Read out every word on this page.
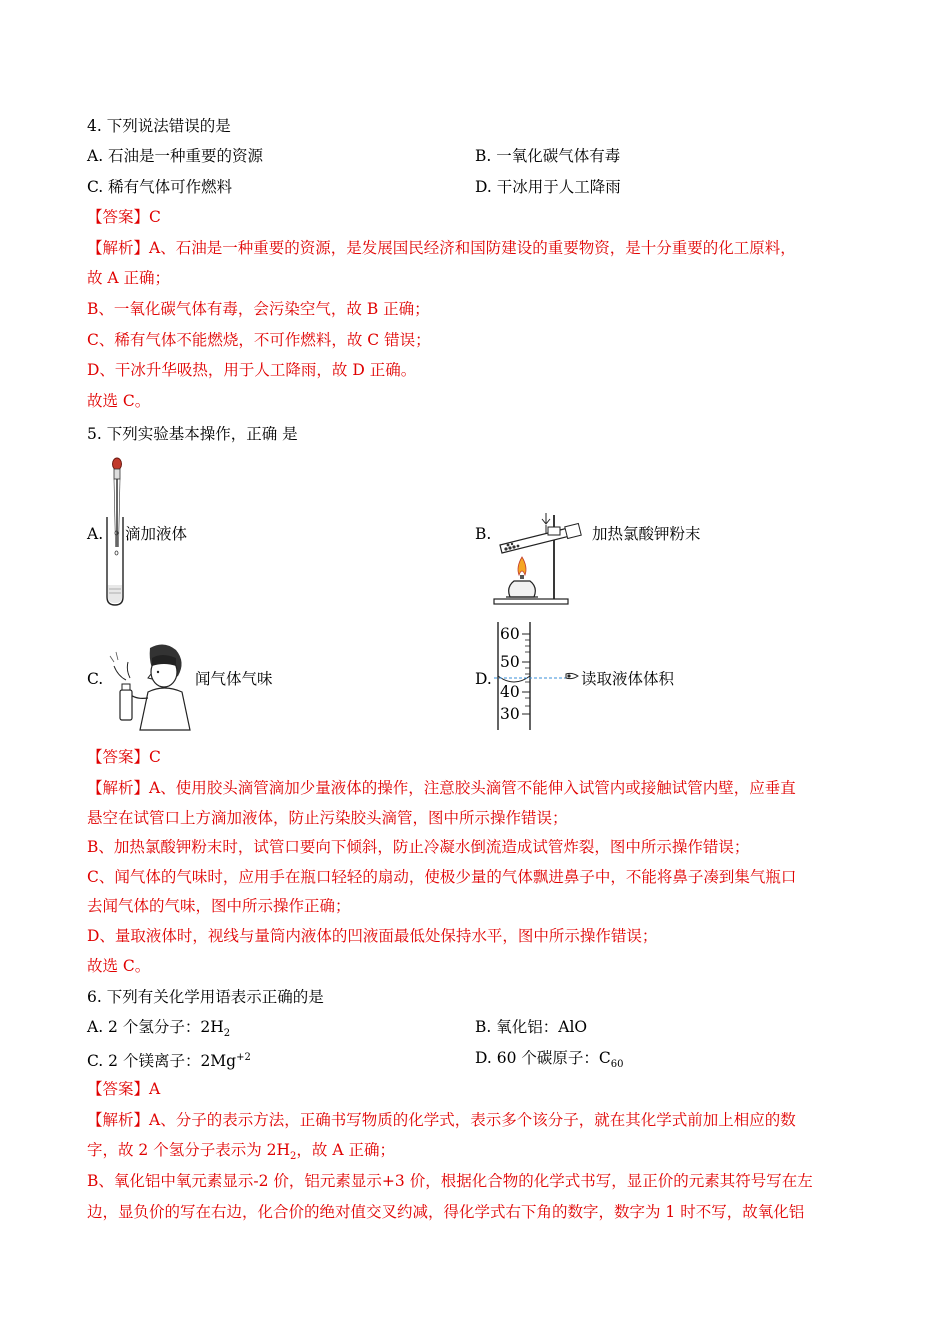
4. 下列说法错误的是
A. 石油是一种重要的资源	B. 一氧化碳气体有毒
C. 稀有气体可作燃料	D. 干冰用于人工降雨
【答案】C
【解析】A、石油是一种重要的资源，是发展国民经济和国防建设的重要物资，是十分重要的化工原料，
故 A 正确；
B、一氧化碳气体有毒，会污染空气，故 B 正确；
C、稀有气体不能燃烧，不可作燃料，故 C 错误；
D、干冰升华吸热，用于人工降雨，故 D 正确。
故选 C。
5. 下列实验基本操作，正确 是
A. 滴加液体	B.	加热氯酸钾粉末
C.	闻气体气味	D.
60
50
40
30
读取液体体积
【答案】C
【解析】A、使用胶头滴管滴加少量液体的操作，注意胶头滴管不能伸入试管内或接触试管内壁，应垂直
悬空在试管口上方滴加液体，防止污染胶头滴管，图中所示操作错误；
B、加热氯酸钾粉末时，试管口要向下倾斜，防止冷凝水倒流造成试管炸裂，图中所示操作错误；
C、闻气体的气味时，应用手在瓶口轻轻的扇动，使极少量的气体飘进鼻子中，不能将鼻子凑到集气瓶口
去闻气体的气味，图中所示操作正确；
D、量取液体时，视线与量筒内液体的凹液面最低处保持水平，图中所示操作错误；
故选 C。
6. 下列有关化学用语表示正确的是
A. 2 个氢分子：$2H_2$	B. 氧化铝：AlO
C. 2 个镁离子：$2Mg^{+2}$	D. 60 个碳原子：$C_{60}$
【答案】A
【解析】A、分子的表示方法，正确书写物质的化学式，表示多个该分子，就在其化学式前加上相应的数
字，故 2 个氢分子表示为 $2H_2$，故 A 正确；
B、氧化铝中氧元素显示-2 价，铝元素显示+3 价，根据化合物的化学式书写，显正价的元素其符号写在左
边，显负价的写在右边，化合价的绝对值交叉约减，得化学式右下角的数字，数字为 1 时不写，故氧化铝
